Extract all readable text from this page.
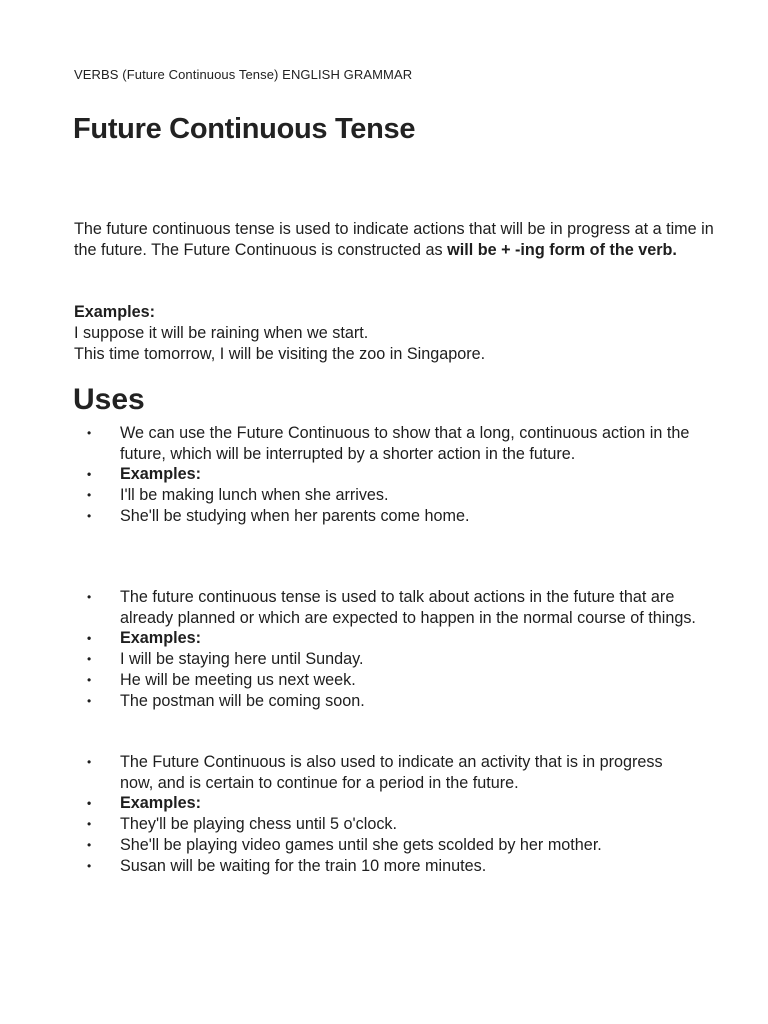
VERBS (Future Continuous Tense) ENGLISH GRAMMAR
Future Continuous Tense

The future continuous tense is used to indicate actions that will be in progress at a time in the future. The Future Continuous is constructed as will be + -ing form of the verb.

Examples:
I suppose it will be raining when we start.
This time tomorrow, I will be visiting the zoo in Singapore.
Uses
• We can use the Future Continuous to show that a long, continuous action in the future, which will be interrupted by a shorter action in the future.
• Examples:
• I'll be making lunch when she arrives.
• She'll be studying when her parents come home.
• The future continuous tense is used to talk about actions in the future that are already planned or which are expected to happen in the normal course of things.
• Examples:
• I will be staying here until Sunday.
• He will be meeting us next week.
• The postman will be coming soon.
• The Future Continuous is also used to indicate an activity that is in progress now, and is certain to continue for a period in the future.
• Examples:
• They'll be playing chess until 5 o'clock.
• She'll be playing video games until she gets scolded by her mother.
• Susan will be waiting for the train 10 more minutes.
